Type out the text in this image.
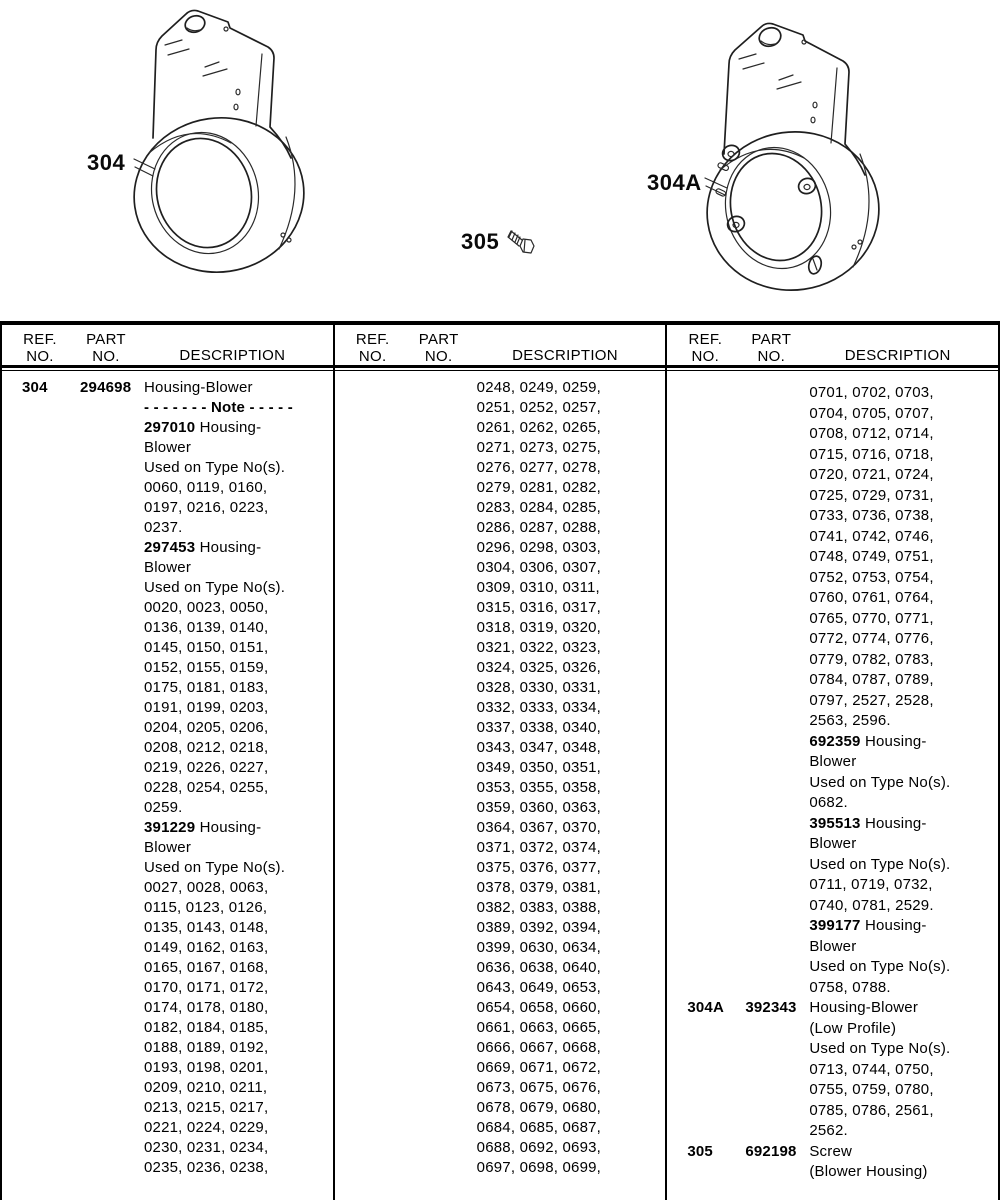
304
304A
305
REF.
NO.
PART
NO.	DESCRIPTION
304	294698 Housing-Blower
- - - - - - - Note - - - - -
297010 Housing-
Blower
Used on Type No(s).
0060, 0119, 0160,
0197, 0216, 0223,
0237.
297453 Housing-
Blower
Used on Type No(s).
0020, 0023, 0050,
0136, 0139, 0140,
0145, 0150, 0151,
0152, 0155, 0159,
0175, 0181, 0183,
0191, 0199, 0203,
0204, 0205, 0206,
0208, 0212, 0218,
0219, 0226, 0227,
0228, 0254, 0255,
0259.
391229 Housing-
Blower
Used on Type No(s).
0027, 0028, 0063,
0115, 0123, 0126,
0135, 0143, 0148,
0149, 0162, 0163,
0165, 0167, 0168,
0170, 0171, 0172,
0174, 0178, 0180,
0182, 0184, 0185,
0188, 0189, 0192,
0193, 0198, 0201,
0209, 0210, 0211,
0213, 0215, 0217,
0221, 0224, 0229,
0230, 0231, 0234,
0235, 0236, 0238,
REF.
NO.
PART
NO.	DESCRIPTION
0248, 0249, 0259,
0251, 0252, 0257,
0261, 0262, 0265,
0271, 0273, 0275,
0276, 0277, 0278,
0279, 0281, 0282,
0283, 0284, 0285,
0286, 0287, 0288,
0296, 0298, 0303,
0304, 0306, 0307,
0309, 0310, 0311,
0315, 0316, 0317,
0318, 0319, 0320,
0321, 0322, 0323,
0324, 0325, 0326,
0328, 0330, 0331,
0332, 0333, 0334,
0337, 0338, 0340,
0343, 0347, 0348,
0349, 0350, 0351,
0353, 0355, 0358,
0359, 0360, 0363,
0364, 0367, 0370,
0371, 0372, 0374,
0375, 0376, 0377,
0378, 0379, 0381,
0382, 0383, 0388,
0389, 0392, 0394,
0399, 0630, 0634,
0636, 0638, 0640,
0643, 0649, 0653,
0654, 0658, 0660,
0661, 0663, 0665,
0666, 0667, 0668,
0669, 0671, 0672,
0673, 0675, 0676,
0678, 0679, 0680,
0684, 0685, 0687,
0688, 0692, 0693,
0697, 0698, 0699,
REF.
NO.
PART
NO.	DESCRIPTION
0701, 0702, 0703,
0704, 0705, 0707,
0708, 0712, 0714,
0715, 0716, 0718,
0720, 0721, 0724,
0725, 0729, 0731,
0733, 0736, 0738,
0741, 0742, 0746,
0748, 0749, 0751,
0752, 0753, 0754,
0760, 0761, 0764,
0765, 0770, 0771,
0772, 0774, 0776,
0779, 0782, 0783,
0784, 0787, 0789,
0797, 2527, 2528,
2563, 2596.
692359 Housing-
Blower
Used on Type No(s).
0682.
395513 Housing-
Blower
Used on Type No(s).
0711, 0719, 0732,
0740, 0781, 2529.
399177 Housing-
Blower
Used on Type No(s).
0758, 0788.
304A	392343 Housing-Blower
(Low Profile)
Used on Type No(s).
0713, 0744, 0750,
0755, 0759, 0780,
0785, 0786, 2561,
2562.
305	692198 Screw
(Blower Housing)
